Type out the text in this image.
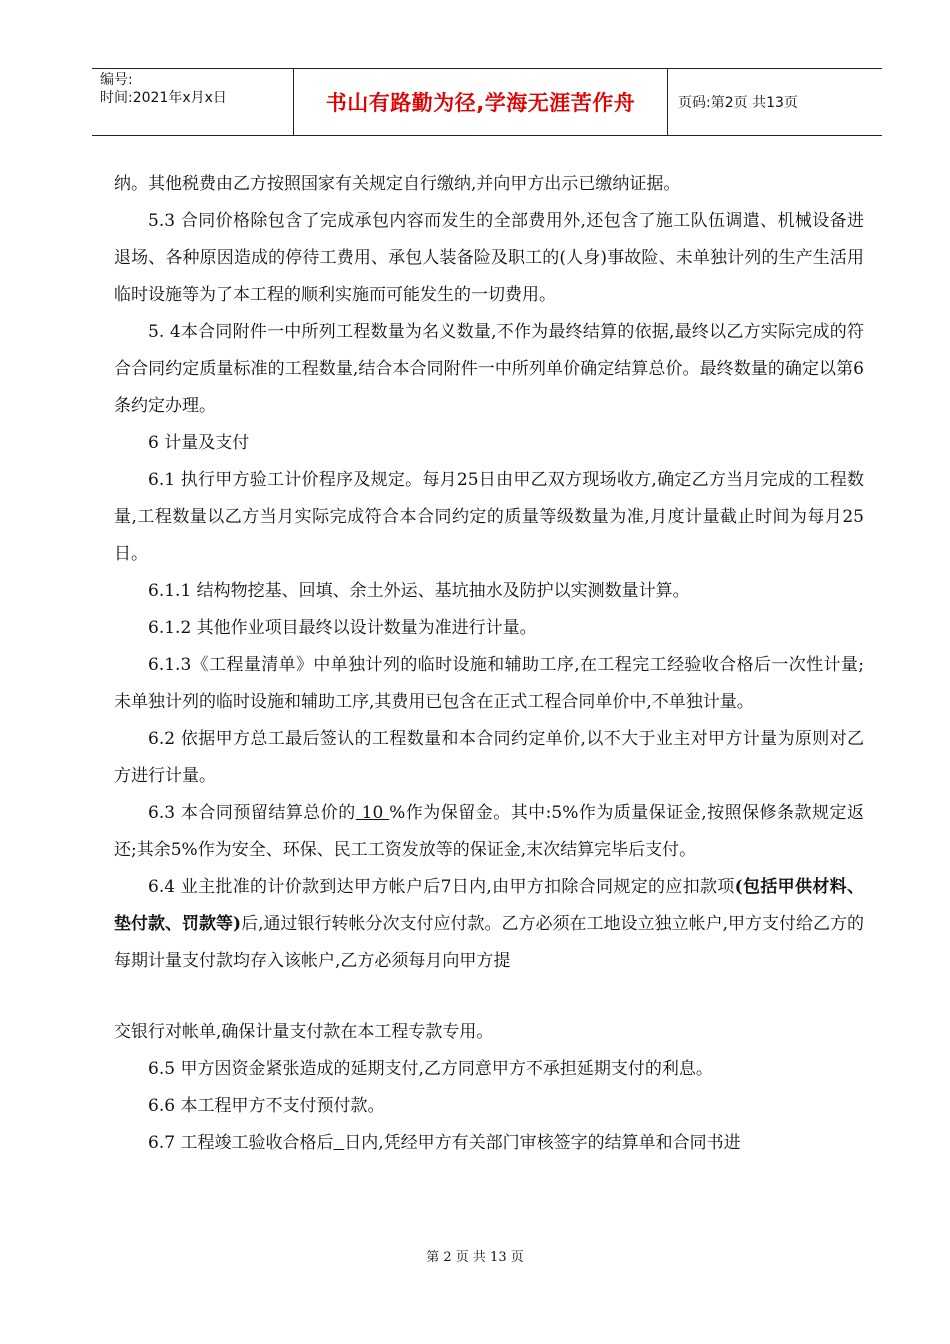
编号:
时间:2021年x月x日	书山有路勤为径,学海无涯苦作舟	页码:第2页 共13页

纳。其他税费由乙方按照国家有关规定自行缴纳,并向甲方出示已缴纳证据。

5.3 合同价格除包含了完成承包内容而发生的全部费用外,还包含了施工队伍调遣、机械设备进退场、各种原因造成的停待工费用、承包人装备险及职工的(人身)事故险、未单独计列的生产生活用临时设施等为了本工程的顺利实施而可能发生的一切费用。

5. 4本合同附件一中所列工程数量为名义数量,不作为最终结算的依据,最终以乙方实际完成的符合合同约定质量标准的工程数量,结合本合同附件一中所列单价确定结算总价。最终数量的确定以第6条约定办理。

6 计量及支付

6.1 执行甲方验工计价程序及规定。每月25日由甲乙双方现场收方,确定乙方当月完成的工程数量,工程数量以乙方当月实际完成符合本合同约定的质量等级数量为准,月度计量截止时间为每月25日。

6.1.1 结构物挖基、回填、余土外运、基坑抽水及防护以实测数量计算。

6.1.2 其他作业项目最终以设计数量为准进行计量。

6.1.3《工程量清单》中单独计列的临时设施和辅助工序,在工程完工经验收合格后一次性计量;未单独计列的临时设施和辅助工序,其费用已包含在正式工程合同单价中,不单独计量。

6.2 依据甲方总工最后签认的工程数量和本合同约定单价,以不大于业主对甲方计量为原则对乙方进行计量。

6.3 本合同预留结算总价的 10 %作为保留金。其中:5%作为质量保证金,按照保修条款规定返还;其余5%作为安全、环保、民工工资发放等的保证金,末次结算完毕后支付。

6.4 业主批准的计价款到达甲方帐户后7日内,由甲方扣除合同规定的应扣款项(包括甲供材料、垫付款、罚款等)后,通过银行转帐分次支付应付款。乙方必须在工地设立独立帐户,甲方支付给乙方的每期计量支付款均存入该帐户,乙方必须每月向甲方提

交银行对帐单,确保计量支付款在本工程专款专用。

6.5 甲方因资金紧张造成的延期支付,乙方同意甲方不承担延期支付的利息。

6.6 本工程甲方不支付预付款。

6.7 工程竣工验收合格后 日内,凭经甲方有关部门审核签字的结算单和合同书进

第 2 页 共 13 页
